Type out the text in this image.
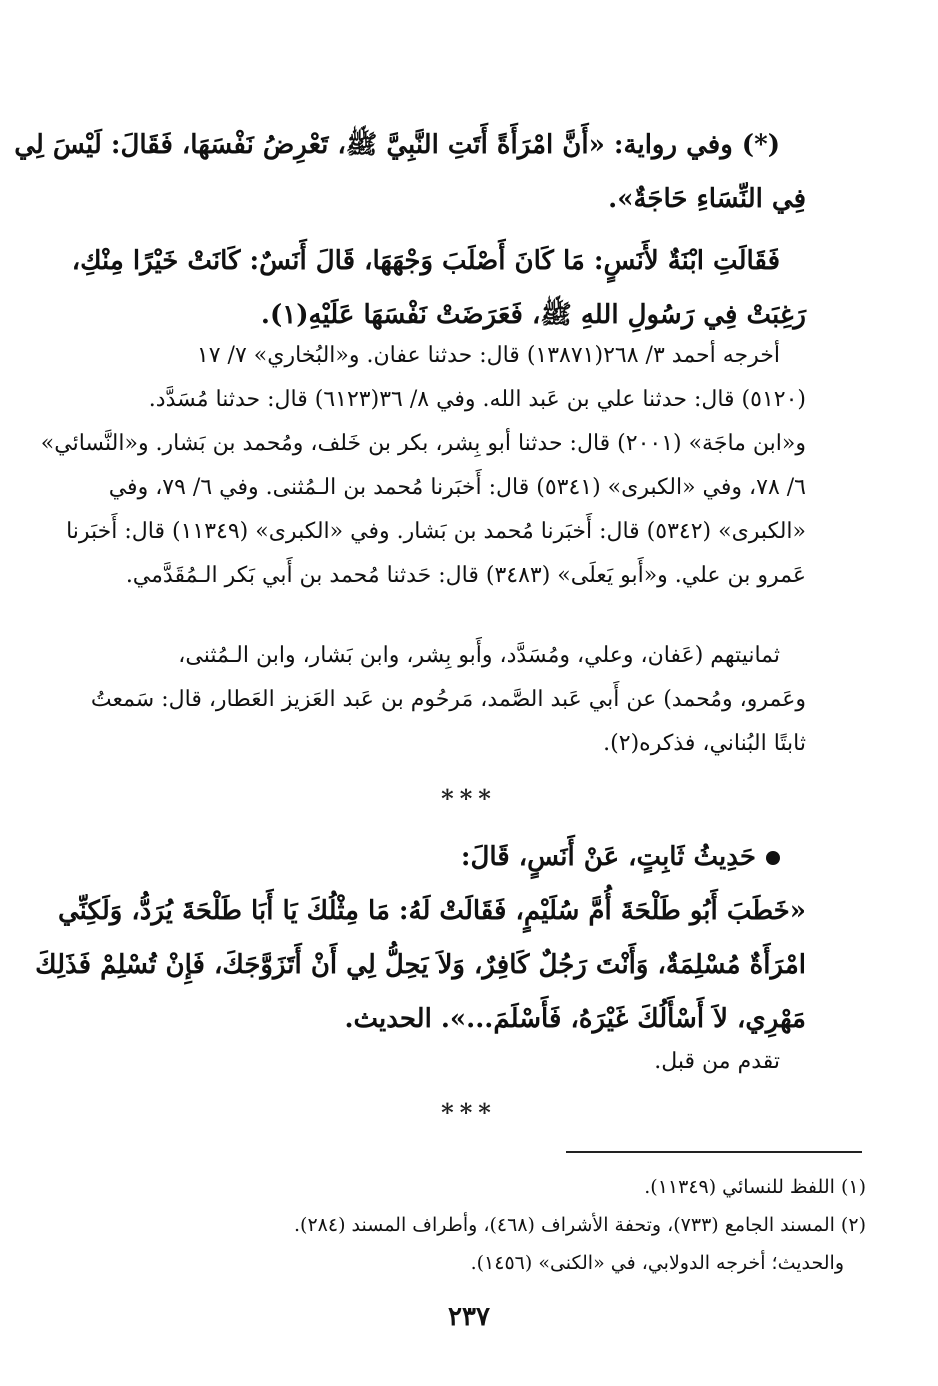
(*) وفي رواية: «أَنَّ امْرَأَةً أَتَتِ النَّبِيَّ ﷺ، تَعْرِضُ نَفْسَهَا، فَقَالَ: لَيْسَ لِي
فِي النِّسَاءِ حَاجَةٌ».
فَقَالَتِ ابْنَةٌ لأَنَسٍ: مَا كَانَ أَصْلَبَ وَجْهَهَا، قَالَ أَنَسٌ: كَانَتْ خَيْرًا مِنْكِ،
رَغِبَتْ فِي رَسُولِ اللهِ ﷺ، فَعَرَضَتْ نَفْسَهَا عَلَيْهِ(١).
أخرجه أحمد ٣/ ٢٦٨(١٣٨٧١) قال: حدثنا عفان. و«البُخاري» ٧/ ١٧
(٥١٢٠) قال: حدثنا علي بن عَبد الله. وفي ٨/ ٣٦(٦١٢٣) قال: حدثنا مُسَدَّد.
و«ابن ماجَة» (٢٠٠١) قال: حدثنا أبو بِشر، بكر بن خَلف، ومُحمد بن بَشار. و«النَّسائي»
٦/ ٧٨، وفي «الكبرى» (٥٣٤١) قال: أَخبَرنا مُحمد بن الـمُثنى. وفي ٦/ ٧٩، وفي
«الكبرى» (٥٣٤٢) قال: أَخبَرنا مُحمد بن بَشار. وفي «الكبرى» (١١٣٤٩) قال: أَخبَرنا
عَمرو بن علي. و«أَبو يَعلَى» (٣٤٨٣) قال: حَدثنا مُحمد بن أَبي بَكر الـمُقَدَّمي.
ثمانيتهم (عَفان، وعلي، ومُسَدَّد، وأَبو بِشر، وابن بَشار، وابن الـمُثنى،
وعَمرو، ومُحمد) عن أَبي عَبد الصَّمد، مَرحُوم بن عَبد العَزيز العَطار، قال: سَمعتُ
ثابتًا البُناني، فذكره(٢).
***
حَدِيثُ ثَابِتٍ، عَنْ أَنَسٍ، قَالَ:
«خَطَبَ أَبُو طَلْحَةَ أُمَّ سُلَيْمٍ، فَقَالَتْ لَهُ: مَا مِثْلُكَ يَا أَبَا طَلْحَةَ يُرَدُّ، وَلَكِنِّي
امْرَأَةٌ مُسْلِمَةٌ، وَأَنْتَ رَجُلٌ كَافِرٌ، وَلاَ يَحِلُّ لِي أَنْ أَتَزَوَّجَكَ، فَإِنْ تُسْلِمْ فَذَلِكَ
مَهْرِي، لاَ أَسْأَلُكَ غَيْرَهُ، فَأَسْلَمَ...». الحديث.
تقدم من قبل.
***
(١) اللفظ للنسائي (١١٣٤٩).
(٢) المسند الجامع (٧٣٣)، وتحفة الأشراف (٤٦٨)، وأطراف المسند (٢٨٤).
والحديث؛ أخرجه الدولابي، في «الكنى» (١٤٥٦).
٢٣٧
